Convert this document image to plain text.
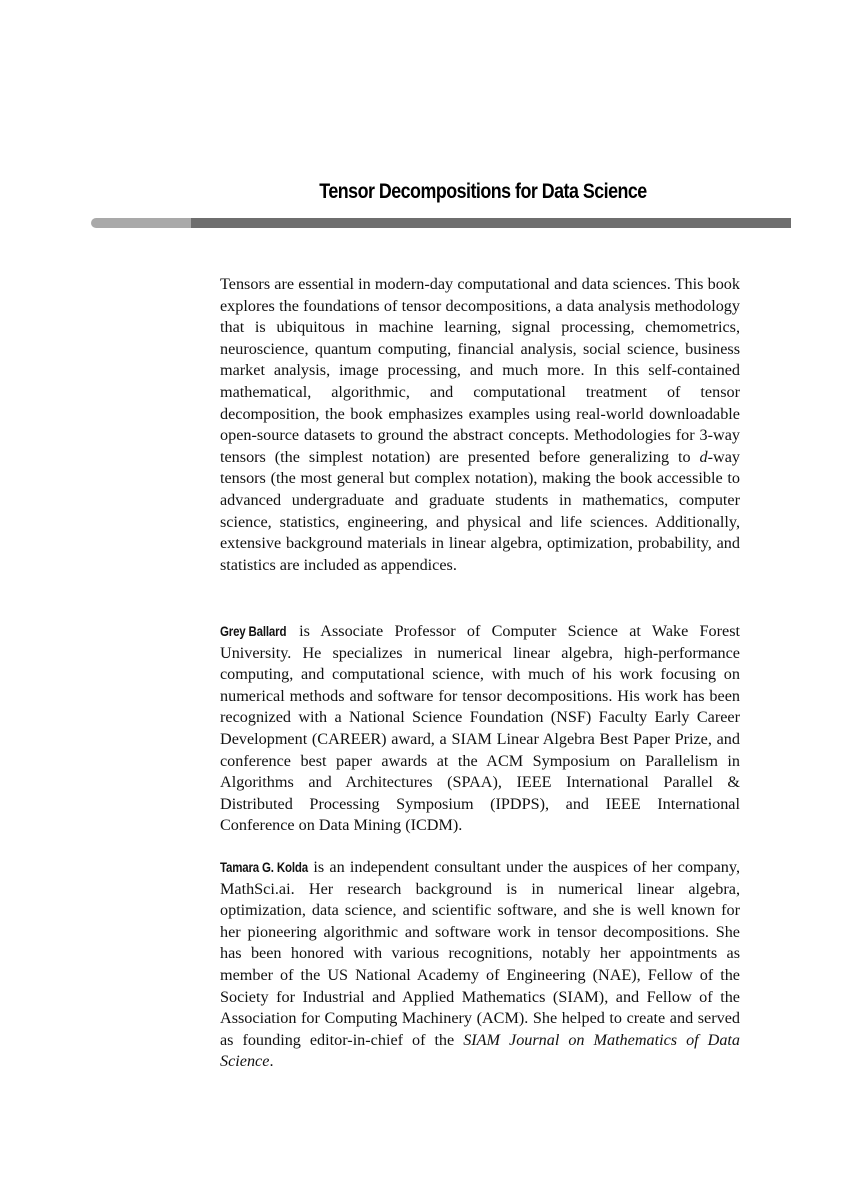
Tensor Decompositions for Data Science
Tensors are essential in modern-day computational and data sciences. This book explores the foundations of tensor decompositions, a data analysis methodology that is ubiquitous in machine learning, signal processing, chemometrics, neuroscience, quantum computing, financial analysis, social science, business market analysis, image processing, and much more. In this self-contained mathematical, algorithmic, and computational treatment of tensor decomposition, the book emphasizes examples using real-world downloadable open-source datasets to ground the abstract concepts. Methodologies for 3-way tensors (the simplest notation) are presented before generalizing to d-way tensors (the most general but complex notation), making the book accessible to advanced undergraduate and graduate students in mathematics, computer science, statistics, engineering, and physical and life sciences. Additionally, extensive background materials in linear algebra, optimization, probability, and statistics are included as appendices.
Grey Ballard is Associate Professor of Computer Science at Wake Forest University. He specializes in numerical linear algebra, high-performance computing, and computational science, with much of his work focusing on numerical methods and software for tensor decompositions. His work has been recognized with a National Science Foundation (NSF) Faculty Early Career Development (CAREER) award, a SIAM Linear Algebra Best Paper Prize, and conference best paper awards at the ACM Symposium on Parallelism in Algorithms and Architectures (SPAA), IEEE International Parallel & Distributed Processing Symposium (IPDPS), and IEEE International Conference on Data Mining (ICDM).
Tamara G. Kolda is an independent consultant under the auspices of her company, MathSci.ai. Her research background is in numerical linear algebra, optimization, data science, and scientific software, and she is well known for her pioneering algorithmic and software work in tensor decompositions. She has been honored with various recognitions, notably her appointments as member of the US National Academy of Engineering (NAE), Fellow of the Society for Industrial and Applied Mathematics (SIAM), and Fellow of the Association for Computing Machinery (ACM). She helped to create and served as founding editor-in-chief of the SIAM Journal on Mathematics of Data Science.
